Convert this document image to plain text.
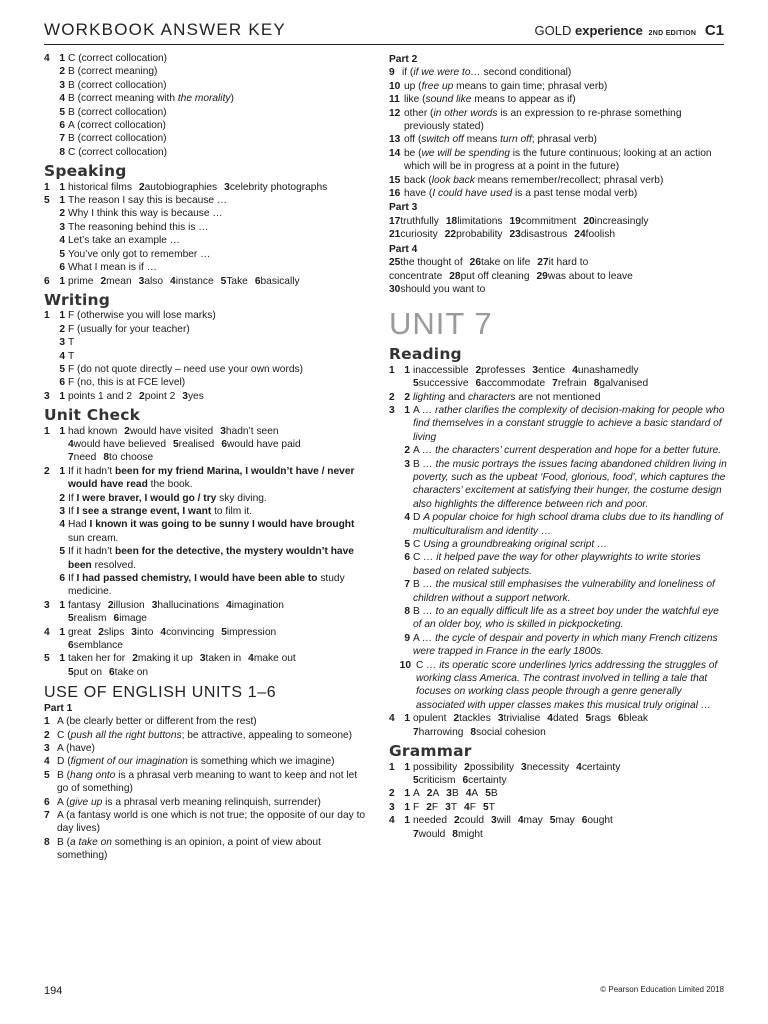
WORKBOOK ANSWER KEY	GOLD experience 2ND EDITION C1
4 1 C (correct collocation)
2 B (correct meaning)
3 B (correct collocation)
4 B (correct meaning with the morality)
5 B (correct collocation)
6 A (correct collocation)
7 B (correct collocation)
8 C (correct collocation)
Speaking
1 1 historical films 2autobiographies 3celebrity photographs
5 1 The reason I say this is because …
2 Why I think this way is because …
3 The reasoning behind this is …
4 Let’s take an example …
5 You’ve only got to remember …
6 What I mean is if …
6 1 prime 2mean 3also 4instance 5Take 6basically
Writing
1 1 F (otherwise you will lose marks)
2 F (usually for your teacher)
3 T
4 T
5 F (do not quote directly – need use your own words)
6 F (no, this is at FCE level)
3 1 points 1 and 2 2point 2 3yes
Unit Check
1 1 had known 2would have visited 3hadn’t seen
4would have believed 5realised 6would have paid
7need 8to choose
2 1 If it hadn’t been for my friend Marina, I wouldn’t have / never would have read the book.
2 If I were braver, I would go / try sky diving.
3 If I see a strange event, I want to film it.
4 Had I known it was going to be sunny I would have brought sun cream.
5 If it hadn’t been for the detective, the mystery wouldn’t have been resolved.
6 If I had passed chemistry, I would have been able to study medicine.
3 1 fantasy 2illusion 3hallucinations 4imagination
5realism 6image
4 1 great 2slips 3into 4convincing 5impression
6semblance
5 1 taken her for 2making it up 3taken in 4make out
5put on 6take on
USE OF ENGLISH UNITS 1–6
Part 1
1 A (be clearly better or different from the rest)
2 C (push all the right buttons; be attractive, appealing to someone)
3 A (have)
4 D (figment of our imagination is something which we imagine)
5 B (hang onto is a phrasal verb meaning to want to keep and not let go of something)
6 A (give up is a phrasal verb meaning relinquish, surrender)
7 A (a fantasy world is one which is not true; the opposite of our day to day lives)
8 B (a take on something is an opinion, a point of view about something)
Part 2
9 if (if we were to… second conditional)
10 up (free up means to gain time; phrasal verb)
11 like (sound like means to appear as if)
12 other (in other words is an expression to re-phrase something previously stated)
13 off (switch off means turn off; phrasal verb)
14 be (we will be spending is the future continuous; looking at an action which will be in progress at a point in the future)
15 back (look back means remember/recollect; phrasal verb)
16 have (I could have used is a past tense modal verb)
Part 3
17truthfully 18limitations 19commitment 20increasingly
21curiosity 22probability 23disastrous 24foolish
Part 4
25the thought of 26take on life 27it hard to
concentrate 28put off cleaning 29was about to leave
30should you want to
UNIT 7
Reading
1 1 inaccessible 2professes 3entice 4unashamedly
5successive 6accommodate 7refrain 8galvanised
2 2 lighting and characters are not mentioned
3 1 A … rather clarifies the complexity of decision-making for people who find themselves in a constant struggle to achieve a basic standard of living
2 A … the characters’ current desperation and hope for a better future.
3 B … the music portrays the issues facing abandoned children living in poverty, such as the upbeat ‘Food, glorious, food’, which captures the characters’ excitement at satisfying their hunger, the costume design also highlights the difference between rich and poor.
4 D A popular choice for high school drama clubs due to its handling of multiculturalism and identity …
5 C Using a groundbreaking original script …
6 C … it helped pave the way for other playwrights to write stories based on related subjects.
7 B … the musical still emphasises the vulnerability and loneliness of children without a support network.
8 B … to an equally difficult life as a street boy under the watchful eye of an older boy, who is skilled in pickpocketing.
9 A … the cycle of despair and poverty in which many French citizens were trapped in France in the early 1800s.
10 C … its operatic score underlines lyrics addressing the struggles of working class America. The contrast involved in telling a tale that focuses on working class people through a genre generally associated with upper classes makes this musical truly original …
4 1 opulent 2tackles 3trivialise 4dated 5rags 6bleak
7harrowing 8social cohesion
Grammar
1 1 possibility 2possibility 3necessity 4certainty
5criticism 6certainty
2 1 A 2A 3B 4A 5B
3 1 F 2F 3T 4F 5T
4 1 needed 2could 3will 4may 5may 6ought
7would 8might
194	© Pearson Education Limited 2018
